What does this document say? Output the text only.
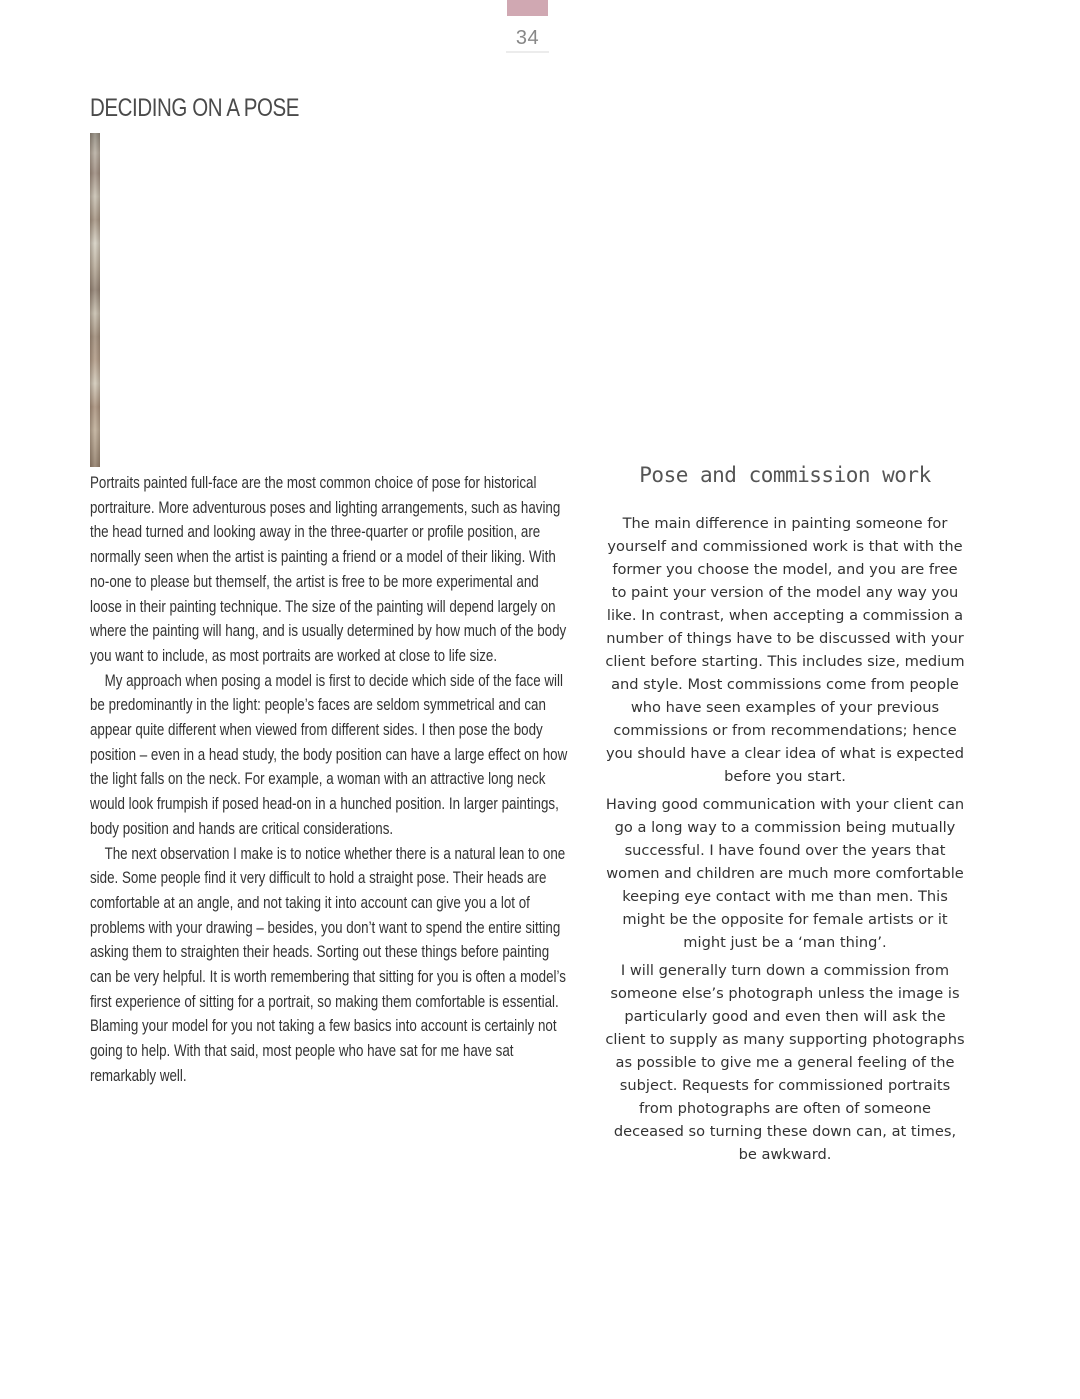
34
DECIDING ON A POSE

Portraits painted full-face are the most common choice of pose for historical portraiture. More adventurous poses and lighting arrangements, such as having the head turned and looking away in the three-quarter or profile position, are normally seen when the artist is painting a friend or a model of their liking. With no-one to please but themself, the artist is free to be more experimental and loose in their painting technique. The size of the painting will depend largely on where the painting will hang, and is usually determined by how much of the body you want to include, as most portraits are worked at close to life size.

My approach when posing a model is first to decide which side of the face will be predominantly in the light: people’s faces are seldom symmetrical and can appear quite different when viewed from different sides. I then pose the body position – even in a head study, the body position can have a large effect on how the light falls on the neck. For example, a woman with an attractive long neck would look frumpish if posed head-on in a hunched position. In larger paintings, body position and hands are critical considerations.

The next observation I make is to notice whether there is a natural lean to one side. Some people find it very difficult to hold a straight pose. Their heads are comfortable at an angle, and not taking it into account can give you a lot of problems with your drawing – besides, you don’t want to spend the entire sitting asking them to straighten their heads. Sorting out these things before painting can be very helpful. It is worth remembering that sitting for you is often a model’s first experience of sitting for a portrait, so making them comfortable is essential. Blaming your model for you not taking a few basics into account is certainly not going to help. With that said, most people who have sat for me have sat remarkably well.

Pose and commission work

The main difference in painting someone for yourself and commissioned work is that with the former you choose the model, and you are free to paint your version of the model any way you like. In contrast, when accepting a commission a number of things have to be discussed with your client before starting. This includes size, medium and style. Most commissions come from people who have seen examples of your previous commissions or from recommendations; hence you should have a clear idea of what is expected before you start.

Having good communication with your client can go a long way to a commission being mutually successful. I have found over the years that women and children are much more comfortable keeping eye contact with me than men. This might be the opposite for female artists or it might just be a ‘man thing’.

I will generally turn down a commission from someone else’s photograph unless the image is particularly good and even then will ask the client to supply as many supporting photographs as possible to give me a general feeling of the subject. Requests for commissioned portraits from photographs are often of someone deceased so turning these down can, at times, be awkward.
